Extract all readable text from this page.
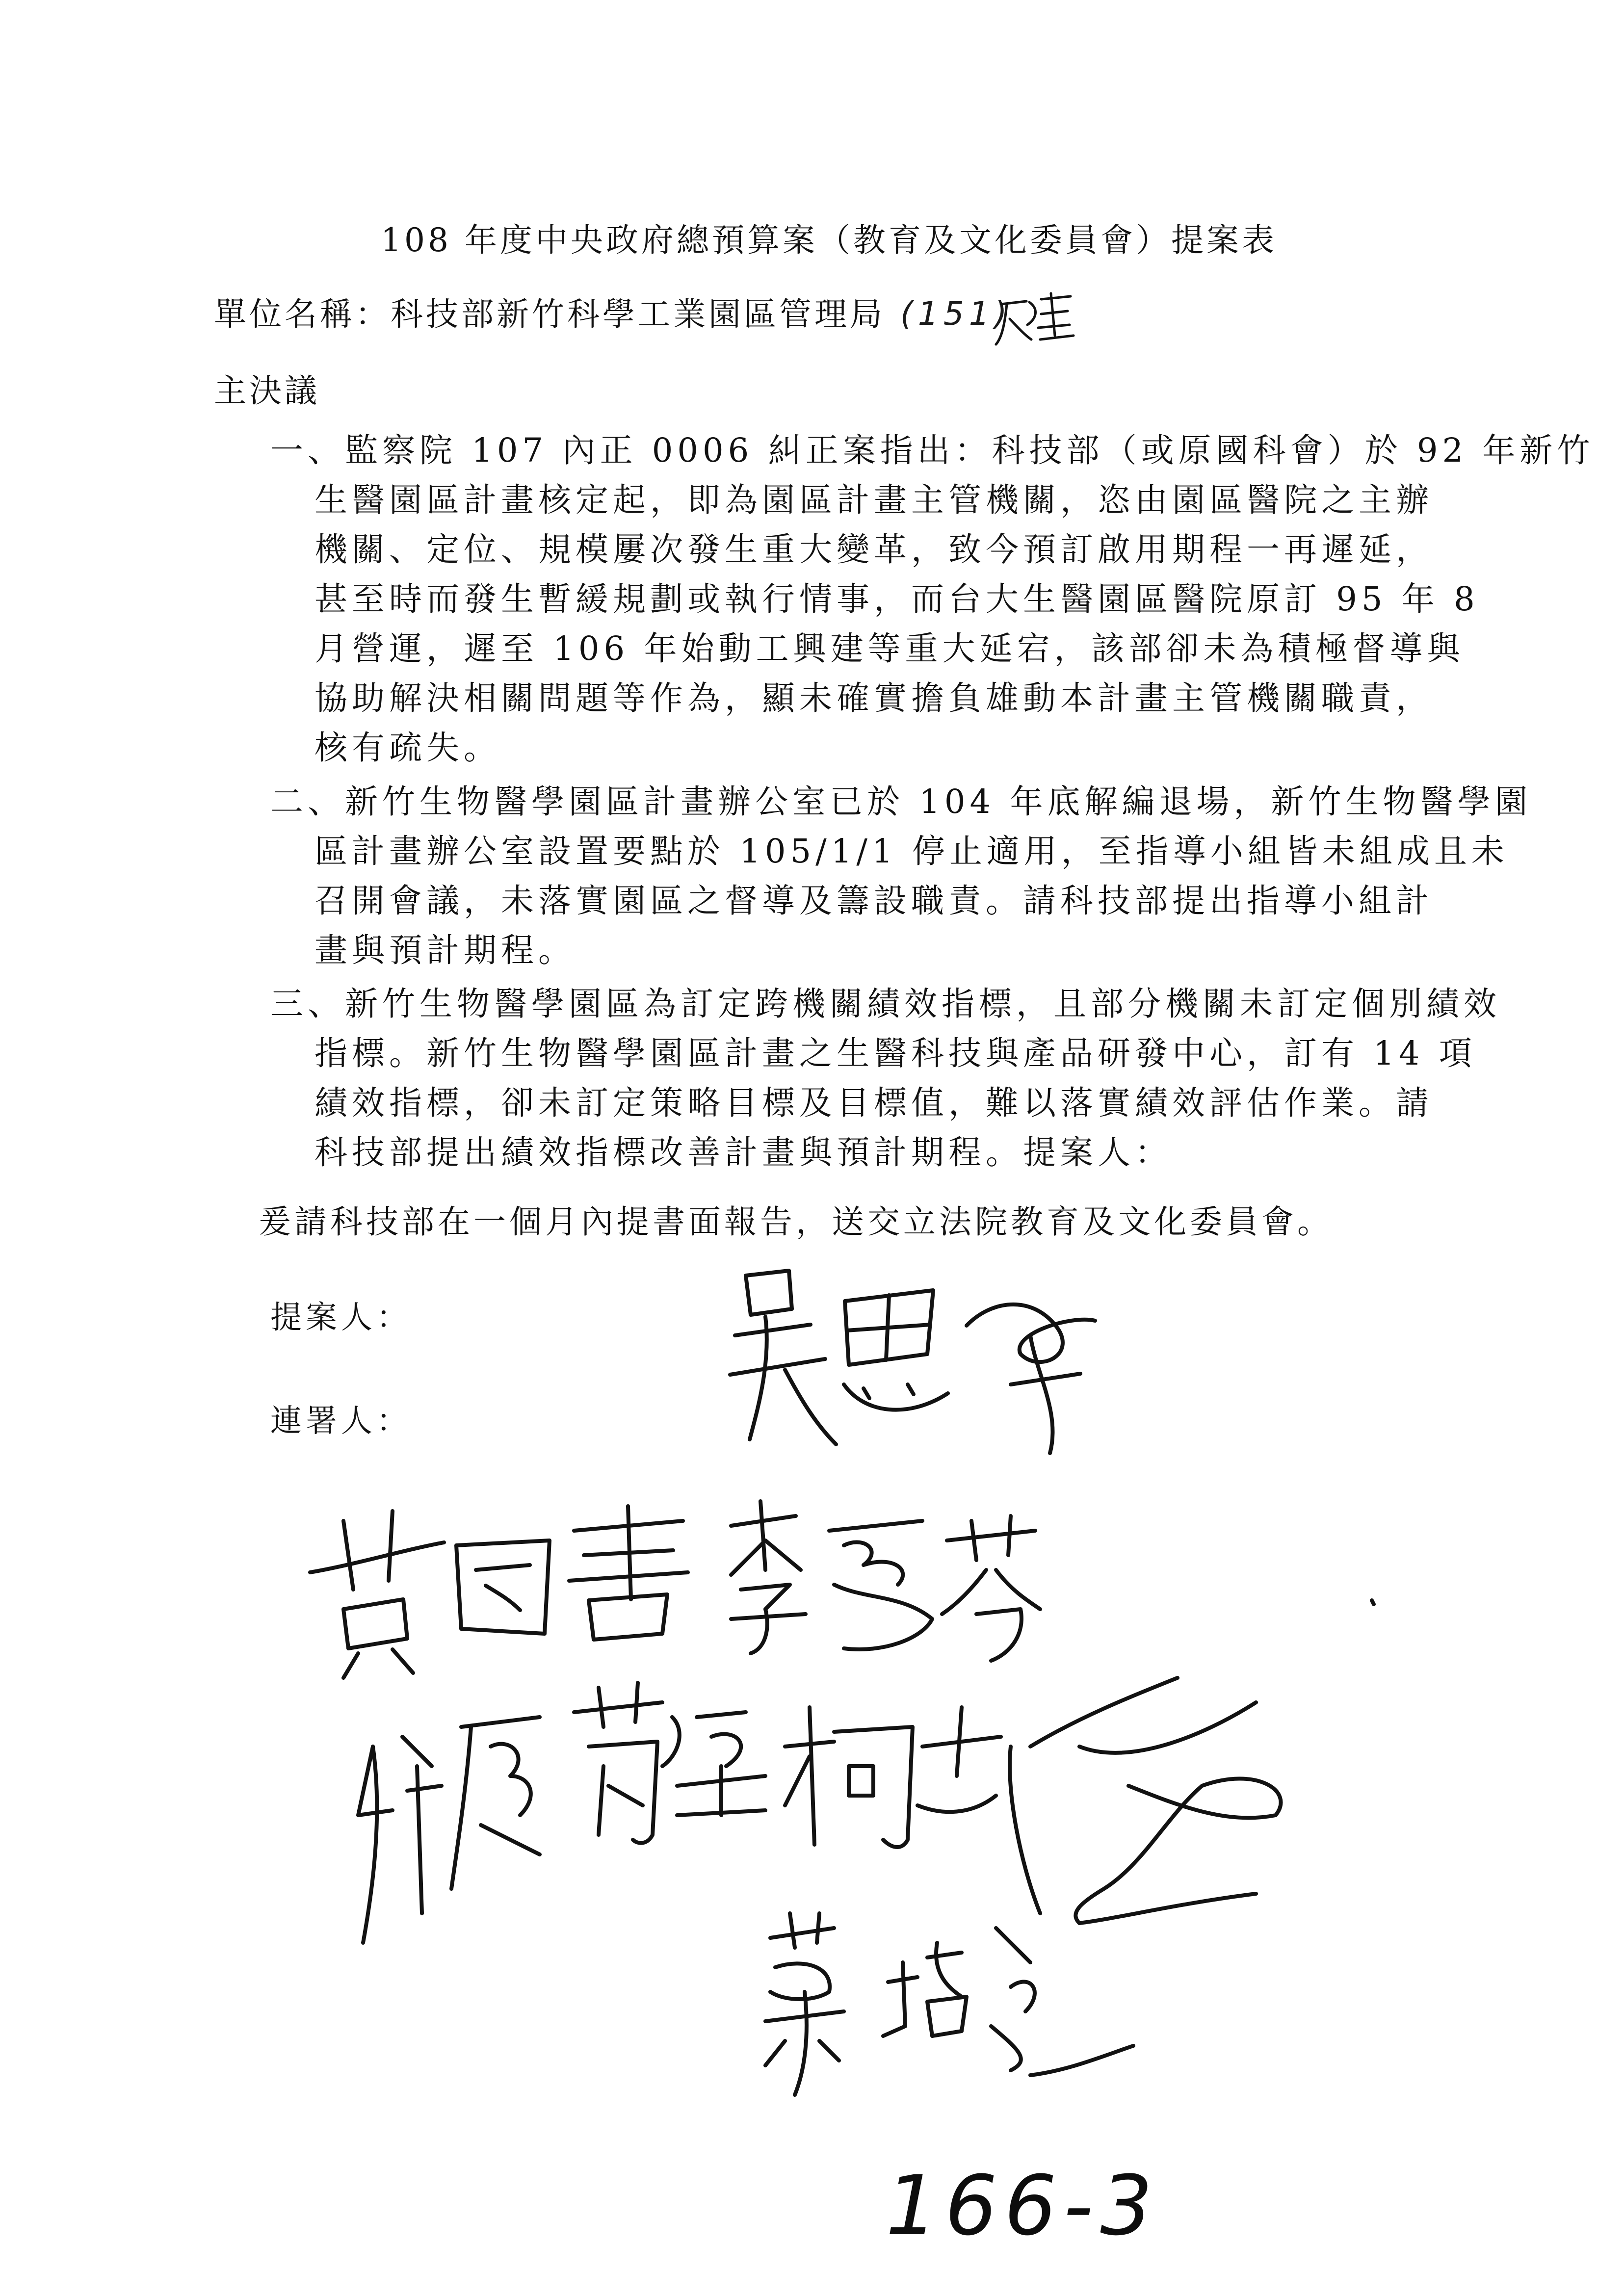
108 年度中央政府總預算案（教育及文化委員會）提案表
單位名稱：科技部新竹科學工業園區管理局 (151)
主決議
一、監察院 107 內正 0006 糾正案指出：科技部（或原國科會）於 92 年新竹
生醫園區計畫核定起，即為園區計畫主管機關，恣由園區醫院之主辦
機關、定位、規模屢次發生重大變革，致今預訂啟用期程一再遲延，
甚至時而發生暫緩規劃或執行情事，而台大生醫園區醫院原訂 95 年 8
月營運，遲至 106 年始動工興建等重大延宕，該部卻未為積極督導與
協助解決相關問題等作為，顯未確實擔負雄動本計畫主管機關職責，
核有疏失。
二、新竹生物醫學園區計畫辦公室已於 104 年底解編退場，新竹生物醫學園
區計畫辦公室設置要點於 105/1/1 停止適用，至指導小組皆未組成且未
召開會議，未落實園區之督導及籌設職責。請科技部提出指導小組計
畫與預計期程。
三、新竹生物醫學園區為訂定跨機關績效指標，且部分機關未訂定個別績效
指標。新竹生物醫學園區計畫之生醫科技與產品研發中心，訂有 14 項
績效指標，卻未訂定策略目標及目標值，難以落實績效評估作業。請
科技部提出績效指標改善計畫與預計期程。提案人：
爰請科技部在一個月內提書面報告，送交立法院教育及文化委員會。
提案人：
連署人：
166-3
